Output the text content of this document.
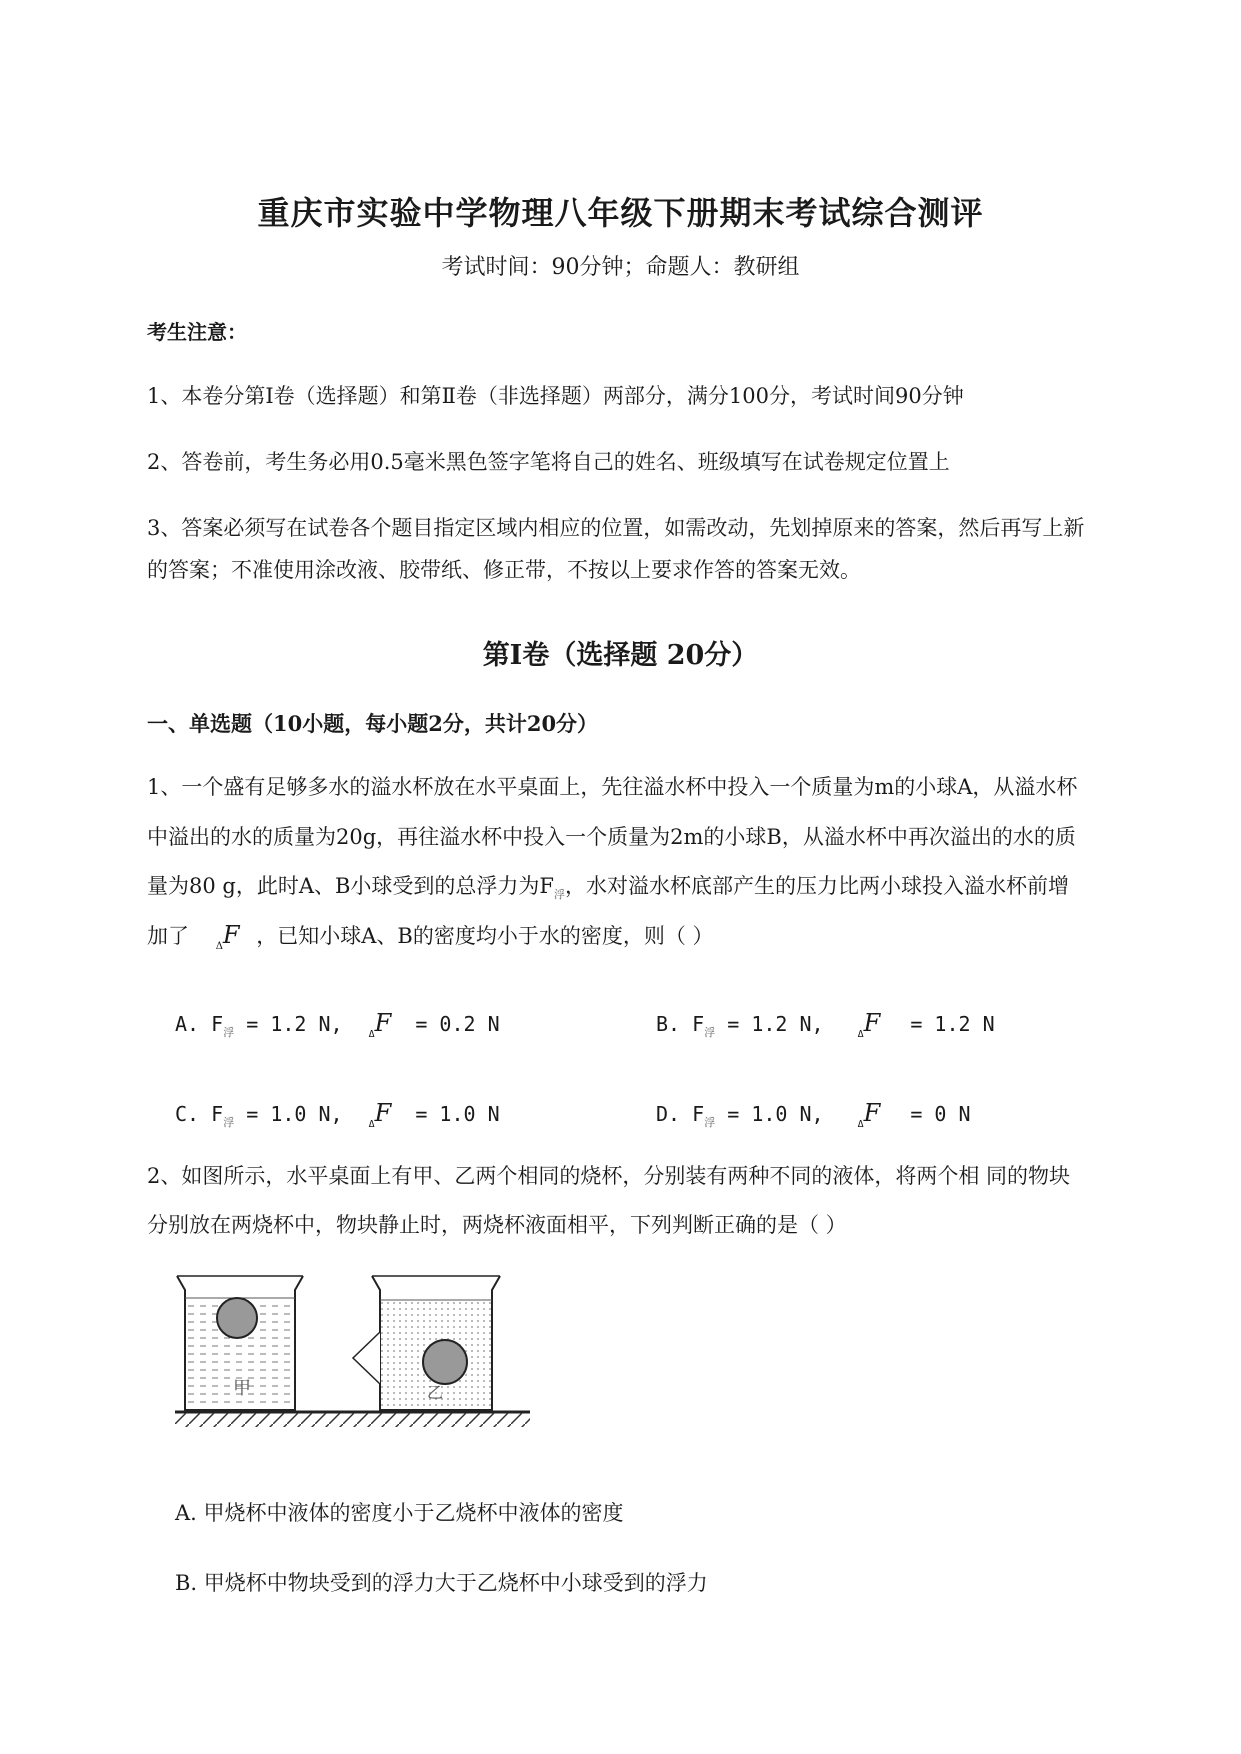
重庆市实验中学物理八年级下册期末考试综合测评
考试时间：90分钟；命题人：教研组
考生注意：
1、本卷分第I卷（选择题）和第Ⅱ卷（非选择题）两部分，满分100分，考试时间90分钟
2、答卷前，考生务必用0.5毫米黑色签字笔将自己的姓名、班级填写在试卷规定位置上
3、答案必须写在试卷各个题目指定区域内相应的位置，如需改动，先划掉原来的答案，然后再写上新
的答案；不准使用涂改液、胶带纸、修正带，不按以上要求作答的答案无效。
第I卷（选择题 20分）
一、单选题（10小题，每小题2分，共计20分）
1、一个盛有足够多水的溢水杯放在水平桌面上，先往溢水杯中投入一个质量为m的小球A，从溢水杯
中溢出的水的质量为20g，再往溢水杯中投入一个质量为2m的小球B，从溢水杯中再次溢出的水的质
量为80 g，此时A、B小球受到的总浮力为$F_浮$，水对溢水杯底部产生的压力比两小球投入溢水杯前增
加了	$_\Delta$F ，已知小球A、B的密度均小于水的密度，则（ ）
A. $F_浮 = 1.2$ N,	$_\Delta$F = 0.2 N	B. $F_浮 = 1.2$ N,	$_\Delta$F = 1.2 N
C. $F_浮 = 1.0$ N,	$_\Delta$F = 1.0 N	D. $F_浮 = 1.0$ N,	$_\Delta$F = 0 N
2、如图所示，水平桌面上有甲、乙两个相同的烧杯，分别装有两种不同的液体，将两个相 同的物块
分别放在两烧杯中，物块静止时，两烧杯液面相平，下列判断正确的是（ ）
甲	乙
A. 甲烧杯中液体的密度小于乙烧杯中液体的密度
B. 甲烧杯中物块受到的浮力大于乙烧杯中小球受到的浮力
